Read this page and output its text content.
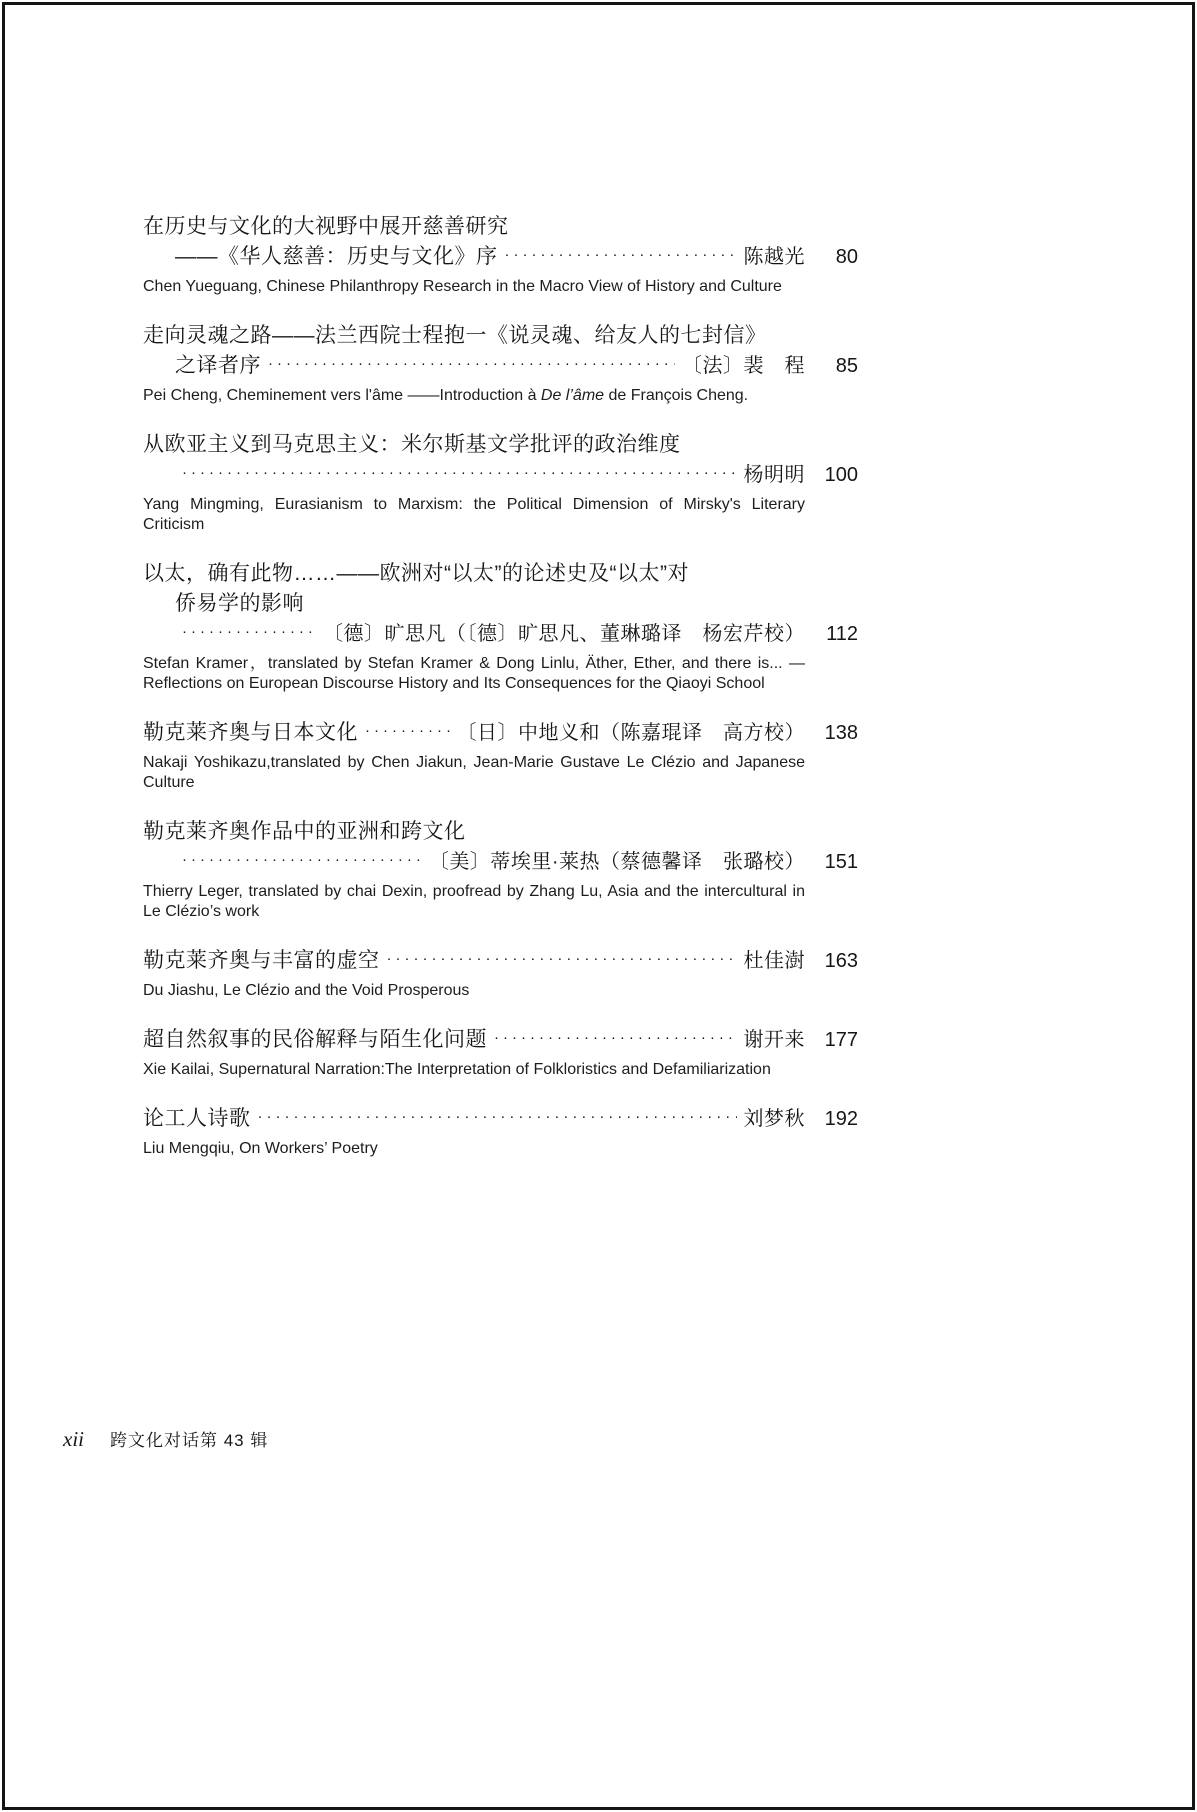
在历史与文化的大视野中展开慈善研究
——《华人慈善：历史与文化》序 ·····	陈越光	80
Chen Yueguang, Chinese Philanthropy Research in the Macro View of History and Culture
走向灵魂之路——法兰西院士程抱一《说灵魂、给友人的七封信》
之译者序 ·····	〔法〕裴　程	85
Pei Cheng, Cheminement vers l'âme ——Introduction à De l’âme de François Cheng.
从欧亚主义到马克思主义：米尔斯基文学批评的政治维度
·····
杨明明 100
Yang Mingming, Eurasianism to Marxism: the Political Dimension of Mirsky's Literary Criticism
以太，确有此物……——欧洲对“以太”的论述史及“以太”对
侨易学的影响
·····
〔德〕旷思凡（〔德〕旷思凡、董琳璐译　杨宏芹校）	112
Stefan Kramer，translated by Stefan Kramer & Dong Linlu, Äther, Ether, and there is... —Reflections on European Discourse History and Its Consequences for the Qiaoyi School
勒克莱齐奥与日本文化 ·····	〔日〕中地义和（陈嘉琨译　高方校） 138
Nakaji Yoshikazu,translated by Chen Jiakun, Jean-Marie Gustave Le Clézio and Japanese Culture
勒克莱齐奥作品中的亚洲和跨文化
·····
〔美〕蒂埃里·莱热（蔡德馨译　张璐校） 151
Thierry Leger, translated by chai Dexin, proofread by Zhang Lu, Asia and the intercultural in Le Clézio’s work
勒克莱齐奥与丰富的虚空 ·····	杜佳澍 163
Du Jiashu, Le Clézio and the Void Prosperous
超自然叙事的民俗解释与陌生化问题 ·····	谢开来 177
Xie Kailai, Supernatural Narration:The Interpretation of Folkloristics and Defamiliarization
论工人诗歌 ·····	刘梦秋 192
Liu Mengqiu, On Workers’ Poetry
xii 跨文化对话第 43 辑
